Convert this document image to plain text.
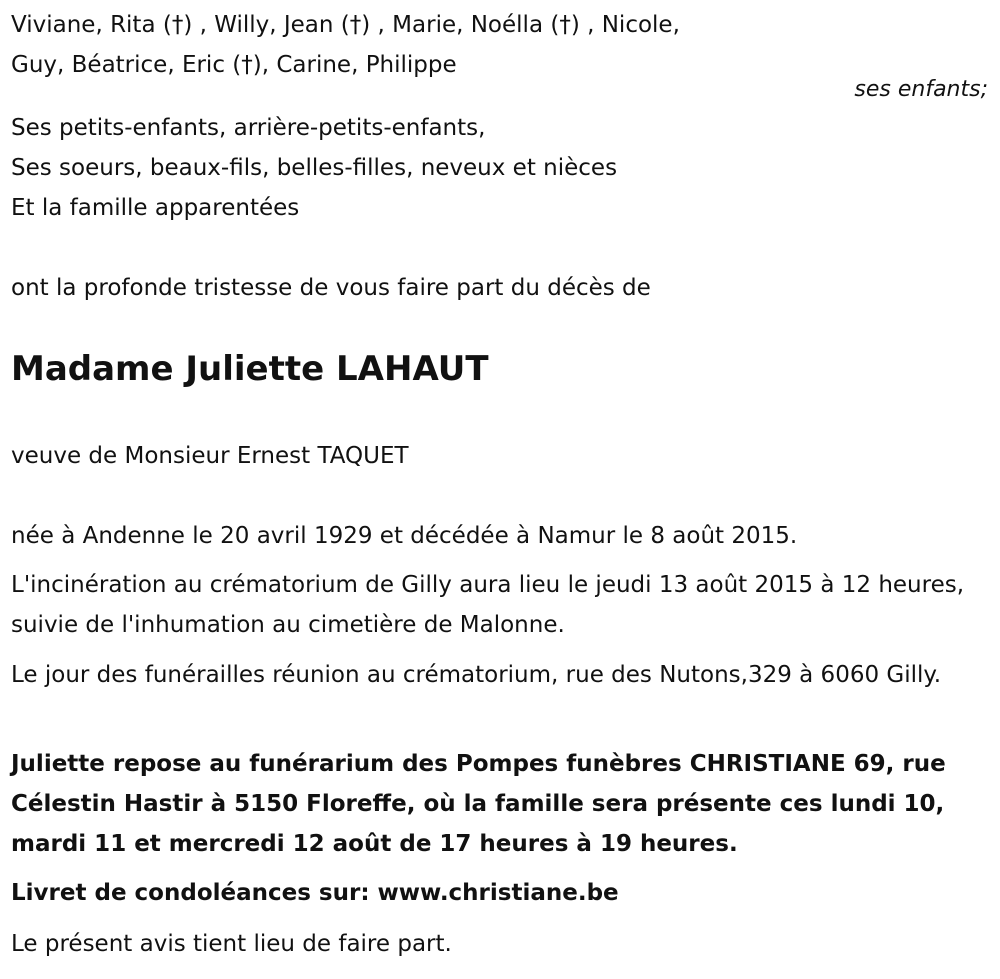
Viviane, Rita (†) , Willy, Jean (†) , Marie, Noélla (†) , Nicole,
Guy, Béatrice, Eric (†), Carine, Philippe
ses enfants;
Ses petits-enfants, arrière-petits-enfants,
Ses soeurs, beaux-fils, belles-filles, neveux et nièces
Et la famille apparentées
ont la profonde tristesse de vous faire part du décès de
Madame Juliette LAHAUT
veuve de Monsieur Ernest TAQUET
née à Andenne le 20 avril 1929 et décédée à Namur le 8 août 2015.
L'incinération au crématorium de Gilly aura lieu le jeudi 13 août 2015 à 12 heures, suivie de l'inhumation au cimetière de Malonne.
Le jour des funérailles réunion au crématorium, rue des Nutons,329 à 6060 Gilly.
Juliette repose au funérarium des Pompes funèbres CHRISTIANE 69, rue Célestin Hastir à 5150 Floreffe, où la famille sera présente ces lundi 10, mardi 11 et mercredi 12 août de 17 heures à 19 heures.
Livret de condoléances sur: www.christiane.be
Le présent avis tient lieu de faire part.
